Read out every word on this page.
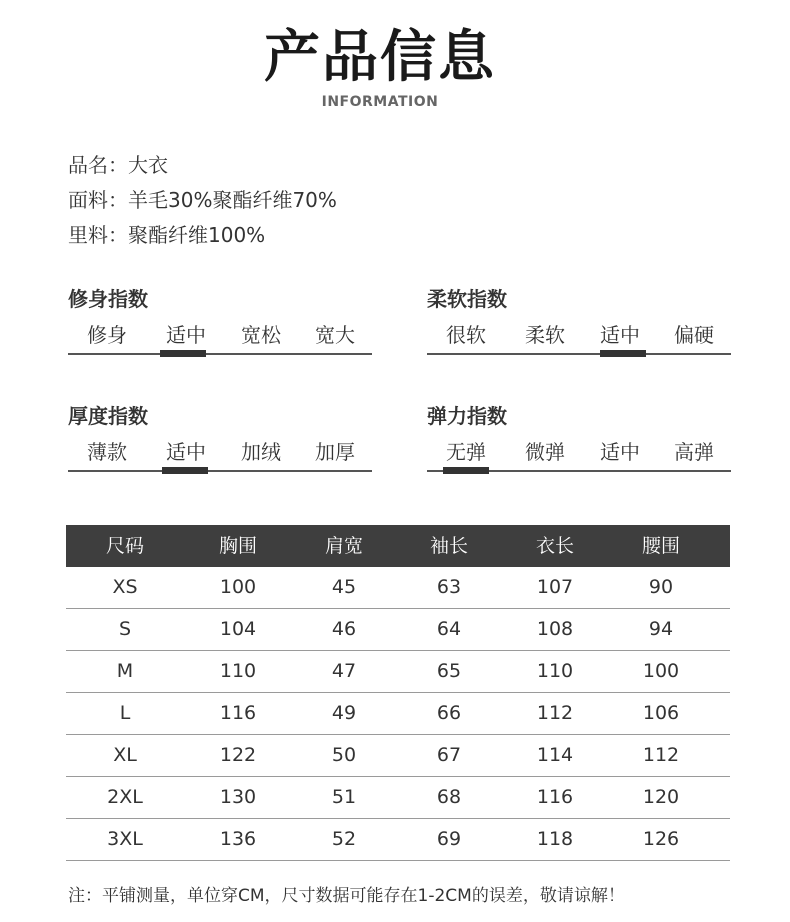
产品信息
INFORMATION
品名：大衣
面料：羊毛30%聚酯纤维70%
里料：聚酯纤维100%
修身指数
修身	适中	宽松	宽大
柔软指数
很软	柔软	适中	偏硬
厚度指数
薄款	适中	加绒	加厚
弹力指数
无弹	微弹	适中	高弹
尺码	胸围	肩宽	袖长	衣长	腰围
XS	100	45	63	107	90
S	104	46	64	108	94
M	110	47	65	110	100
L	116	49	66	112	106
XL	122	50	67	114	112
2XL	130	51	68	116	120
3XL	136	52	69	118	126
注：平铺测量，单位穿CM，尺寸数据可能存在1-2CM的误差，敬请谅解！
